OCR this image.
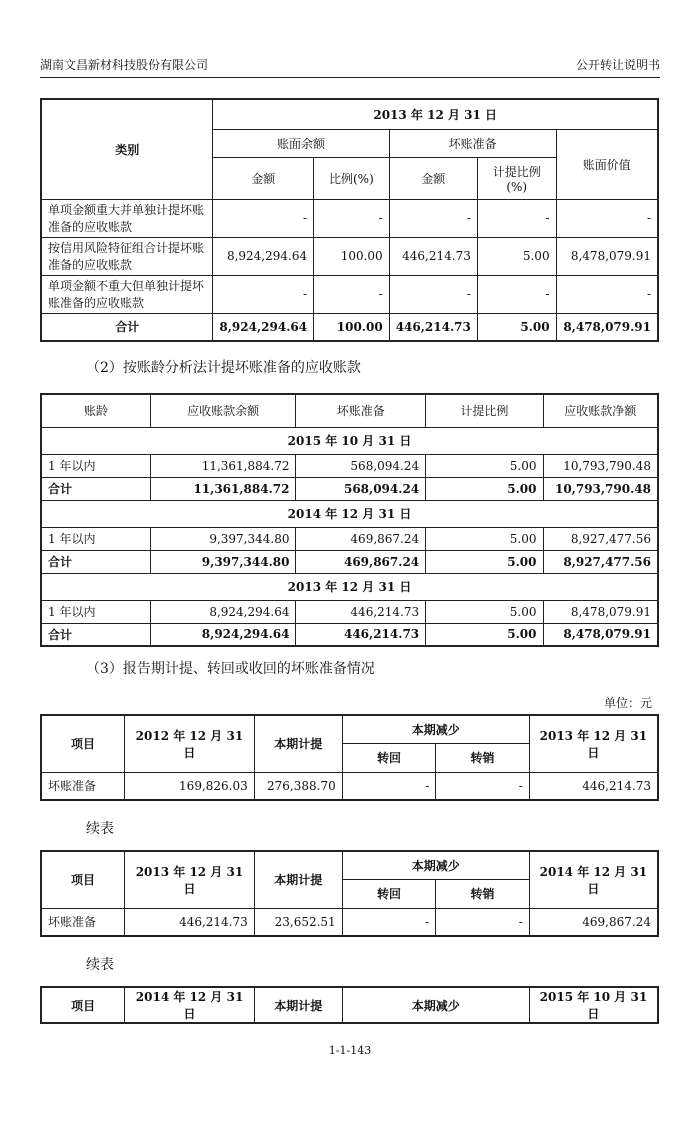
湖南文昌新材科技股份有限公司	公开转让说明书
类别	2013 年 12 月 31 日				
	账面余额		坏账准备		账面价值
	金额	比例(%)	金额	计提比例
(%)	

单项金额重大并单独计提坏账准备的应收账款	-	-	-	-	-
按信用风险特征组合计提坏账准备的应收账款	8,924,294.64	100.00	446,214.73	5.00	8,478,079.91
单项金额不重大但单独计提坏账准备的应收账款	-	-	-	-	-
合计	8,924,294.64	100.00	446,214.73	5.00	8,478,079.91
（2）按账龄分析法计提坏账准备的应收账款
账龄	应收账款余额	坏账准备	计提比例	应收账款净额
2015 年 10 月 31 日				
1 年以内	11,361,884.72	568,094.24	5.00	10,793,790.48
合计	11,361,884.72	568,094.24	5.00	10,793,790.48
2014 年 12 月 31 日				
1 年以内	9,397,344.80	469,867.24	5.00	8,927,477.56
合计	9,397,344.80	469,867.24	5.00	8,927,477.56
2013 年 12 月 31 日				
1 年以内	8,924,294.64	446,214.73	5.00	8,478,079.91
合计	8,924,294.64	446,214.73	5.00	8,478,079.91
（3）报告期计提、转回或收回的坏账准备情况
单位：元
项目	2012 年 12 月 31 日	本期计提	本期减少		2013 年 12 月 31 日
			转回	转销	
坏账准备	169,826.03	276,388.70	-	-	446,214.73
续表
项目	2013 年 12 月 31 日	本期计提	本期减少		2014 年 12 月 31 日
			转回	转销	
坏账准备	446,214.73	23,652.51	-	-	469,867.24
续表
项目	2014 年 12 月 31 日	本期计提	本期减少	2015 年 10 月 31 日
1-1-143
